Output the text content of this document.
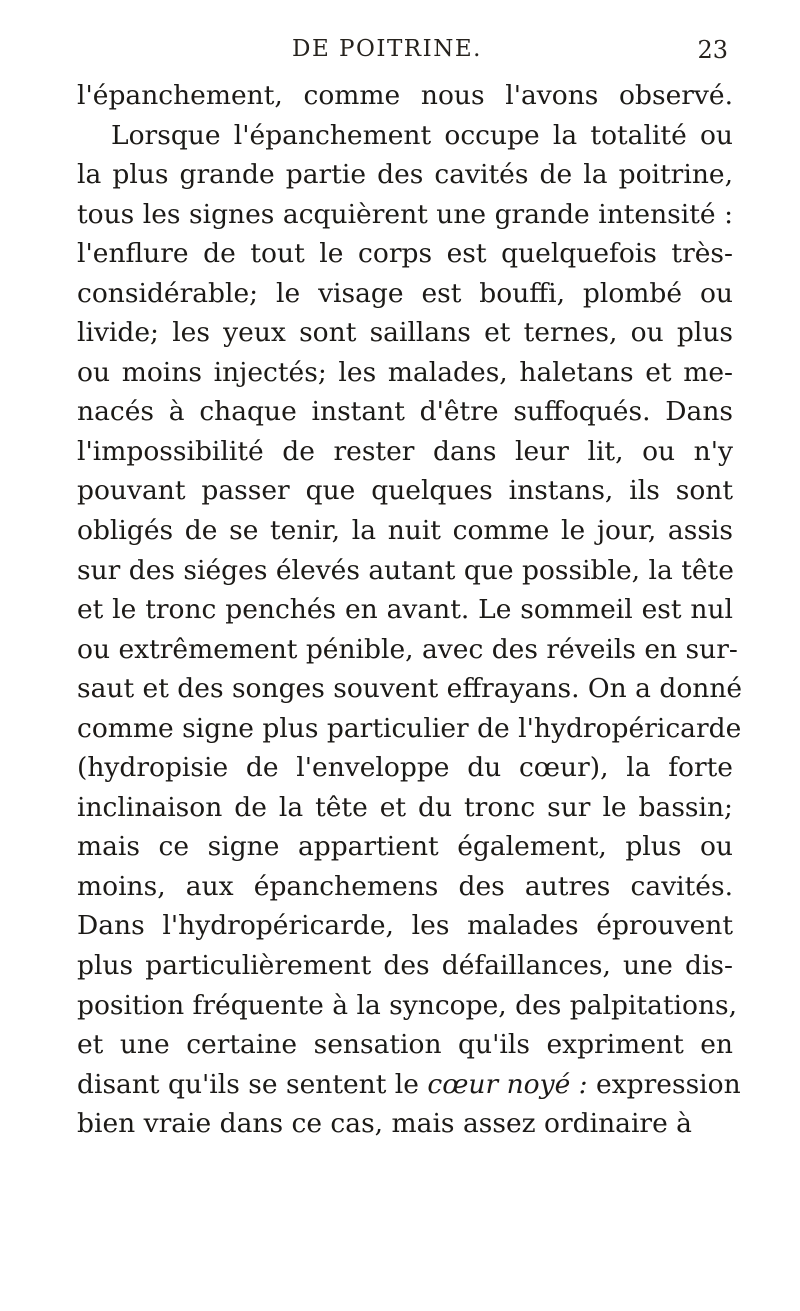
DE POITRINE.	23
l'épanchement, comme nous l'avons observé.
Lorsque l'épanchement occupe la totalité ou
la plus grande partie des cavités de la poitrine,
tous les signes acquièrent une grande intensité :
l'enflure de tout le corps est quelquefois très-
considérable; le visage est bouffi, plombé ou
livide; les yeux sont saillans et ternes, ou plus
ou moins injectés; les malades, haletans et me-
nacés à chaque instant d'être suffoqués. Dans
l'impossibilité de rester dans leur lit, ou n'y
pouvant passer que quelques instans, ils sont
obligés de se tenir, la nuit comme le jour, assis
sur des siéges élevés autant que possible, la tête
et le tronc penchés en avant. Le sommeil est nul
ou extrêmement pénible, avec des réveils en sur-
saut et des songes souvent effrayans. On a donné
comme signe plus particulier de l'hydropéricarde
(hydropisie de l'enveloppe du cœur), la forte
inclinaison de la tête et du tronc sur le bassin;
mais ce signe appartient également, plus ou
moins, aux épanchemens des autres cavités.
Dans l'hydropéricarde, les malades éprouvent
plus particulièrement des défaillances, une dis-
position fréquente à la syncope, des palpitations,
et une certaine sensation qu'ils expriment en
disant qu'ils se sentent le cœur noyé : expression
bien vraie dans ce cas, mais assez ordinaire à
